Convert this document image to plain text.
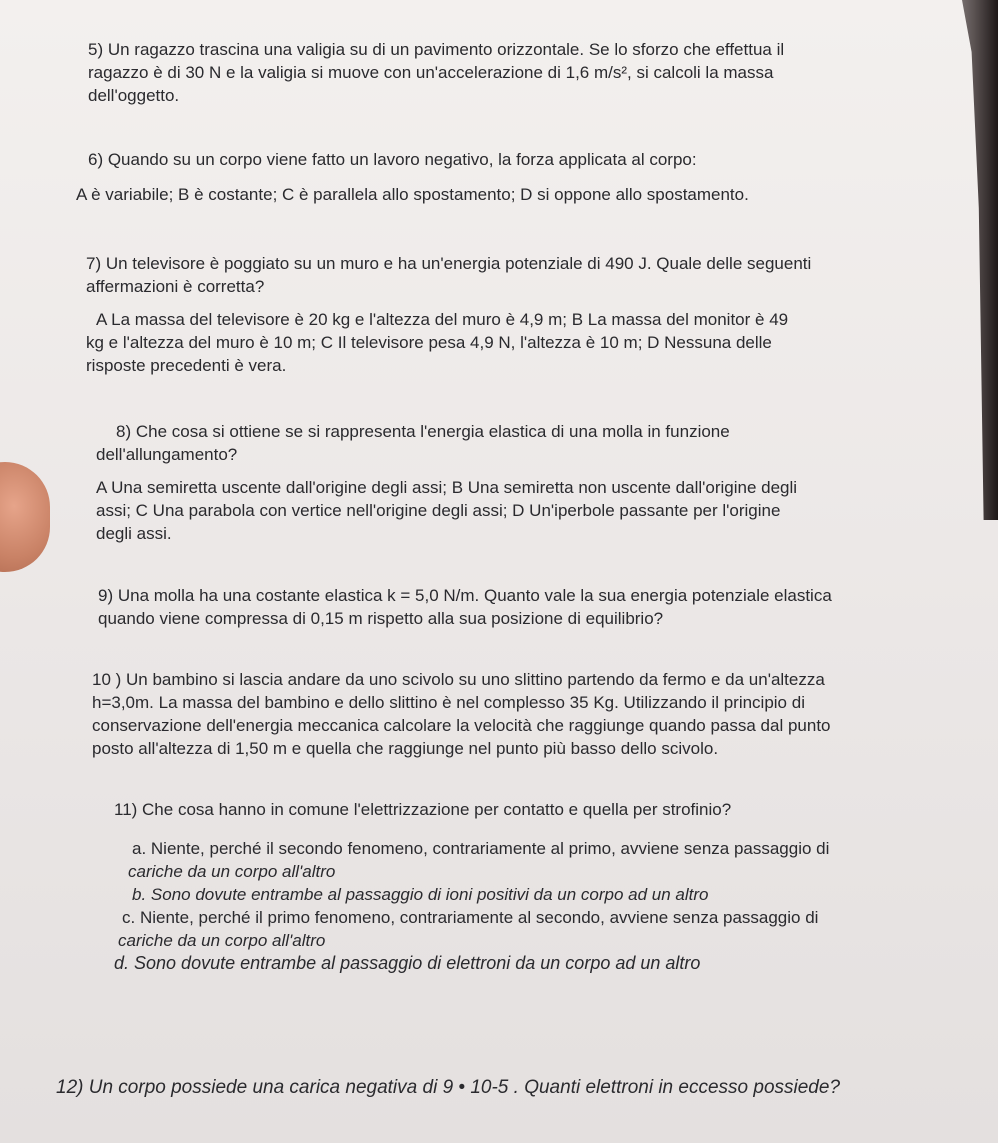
5) Un ragazzo trascina una valigia su di un pavimento orizzontale. Se lo sforzo che effettua il

ragazzo è di 30 N e la valigia si muove con un'accelerazione di 1,6 m/s², si calcoli la massa

dell'oggetto.

6) Quando su un corpo viene fatto un lavoro negativo, la forza applicata al corpo:

A è variabile; B è costante; C è parallela allo spostamento; D si oppone allo spostamento.

7) Un televisore è poggiato su un muro e ha un'energia potenziale di 490 J. Quale delle seguenti

affermazioni è corretta?

A La massa del televisore è 20 kg e l'altezza del muro è 4,9 m; B La massa del monitor è 49

kg e l'altezza del muro è 10 m; C Il televisore pesa 4,9 N, l'altezza è 10 m; D Nessuna delle

risposte precedenti è vera.

8) Che cosa si ottiene se si rappresenta l'energia elastica di una molla in funzione

dell'allungamento?

A Una semiretta uscente dall'origine degli assi; B Una semiretta non uscente dall'origine degli

assi; C Una parabola con vertice nell'origine degli assi; D Un'iperbole passante per l'origine

degli assi.

9) Una molla ha una costante elastica k = 5,0 N/m. Quanto vale la sua energia potenziale elastica

quando viene compressa di 0,15 m rispetto alla sua posizione di equilibrio?

10 ) Un bambino si lascia andare da uno scivolo su uno slittino partendo da fermo e da un'altezza

h=3,0m. La massa del bambino e dello slittino è nel complesso 35 Kg. Utilizzando il principio di

conservazione dell'energia meccanica calcolare la velocità che raggiunge quando passa dal punto

posto all'altezza di 1,50 m e quella che raggiunge nel punto più basso dello scivolo.

11) Che cosa hanno in comune l'elettrizzazione per contatto e quella per strofinio?

a. Niente, perché il secondo fenomeno, contrariamente al primo, avviene senza passaggio di

cariche da un corpo all'altro

b. Sono dovute entrambe al passaggio di ioni positivi da un corpo ad un altro

c. Niente, perché il primo fenomeno, contrariamente al secondo, avviene senza passaggio di

cariche da un corpo all'altro

d. Sono dovute entrambe al passaggio di elettroni da un corpo ad un altro

12) Un corpo possiede una carica negativa di 9 • 10-5 . Quanti elettroni in eccesso possiede?
